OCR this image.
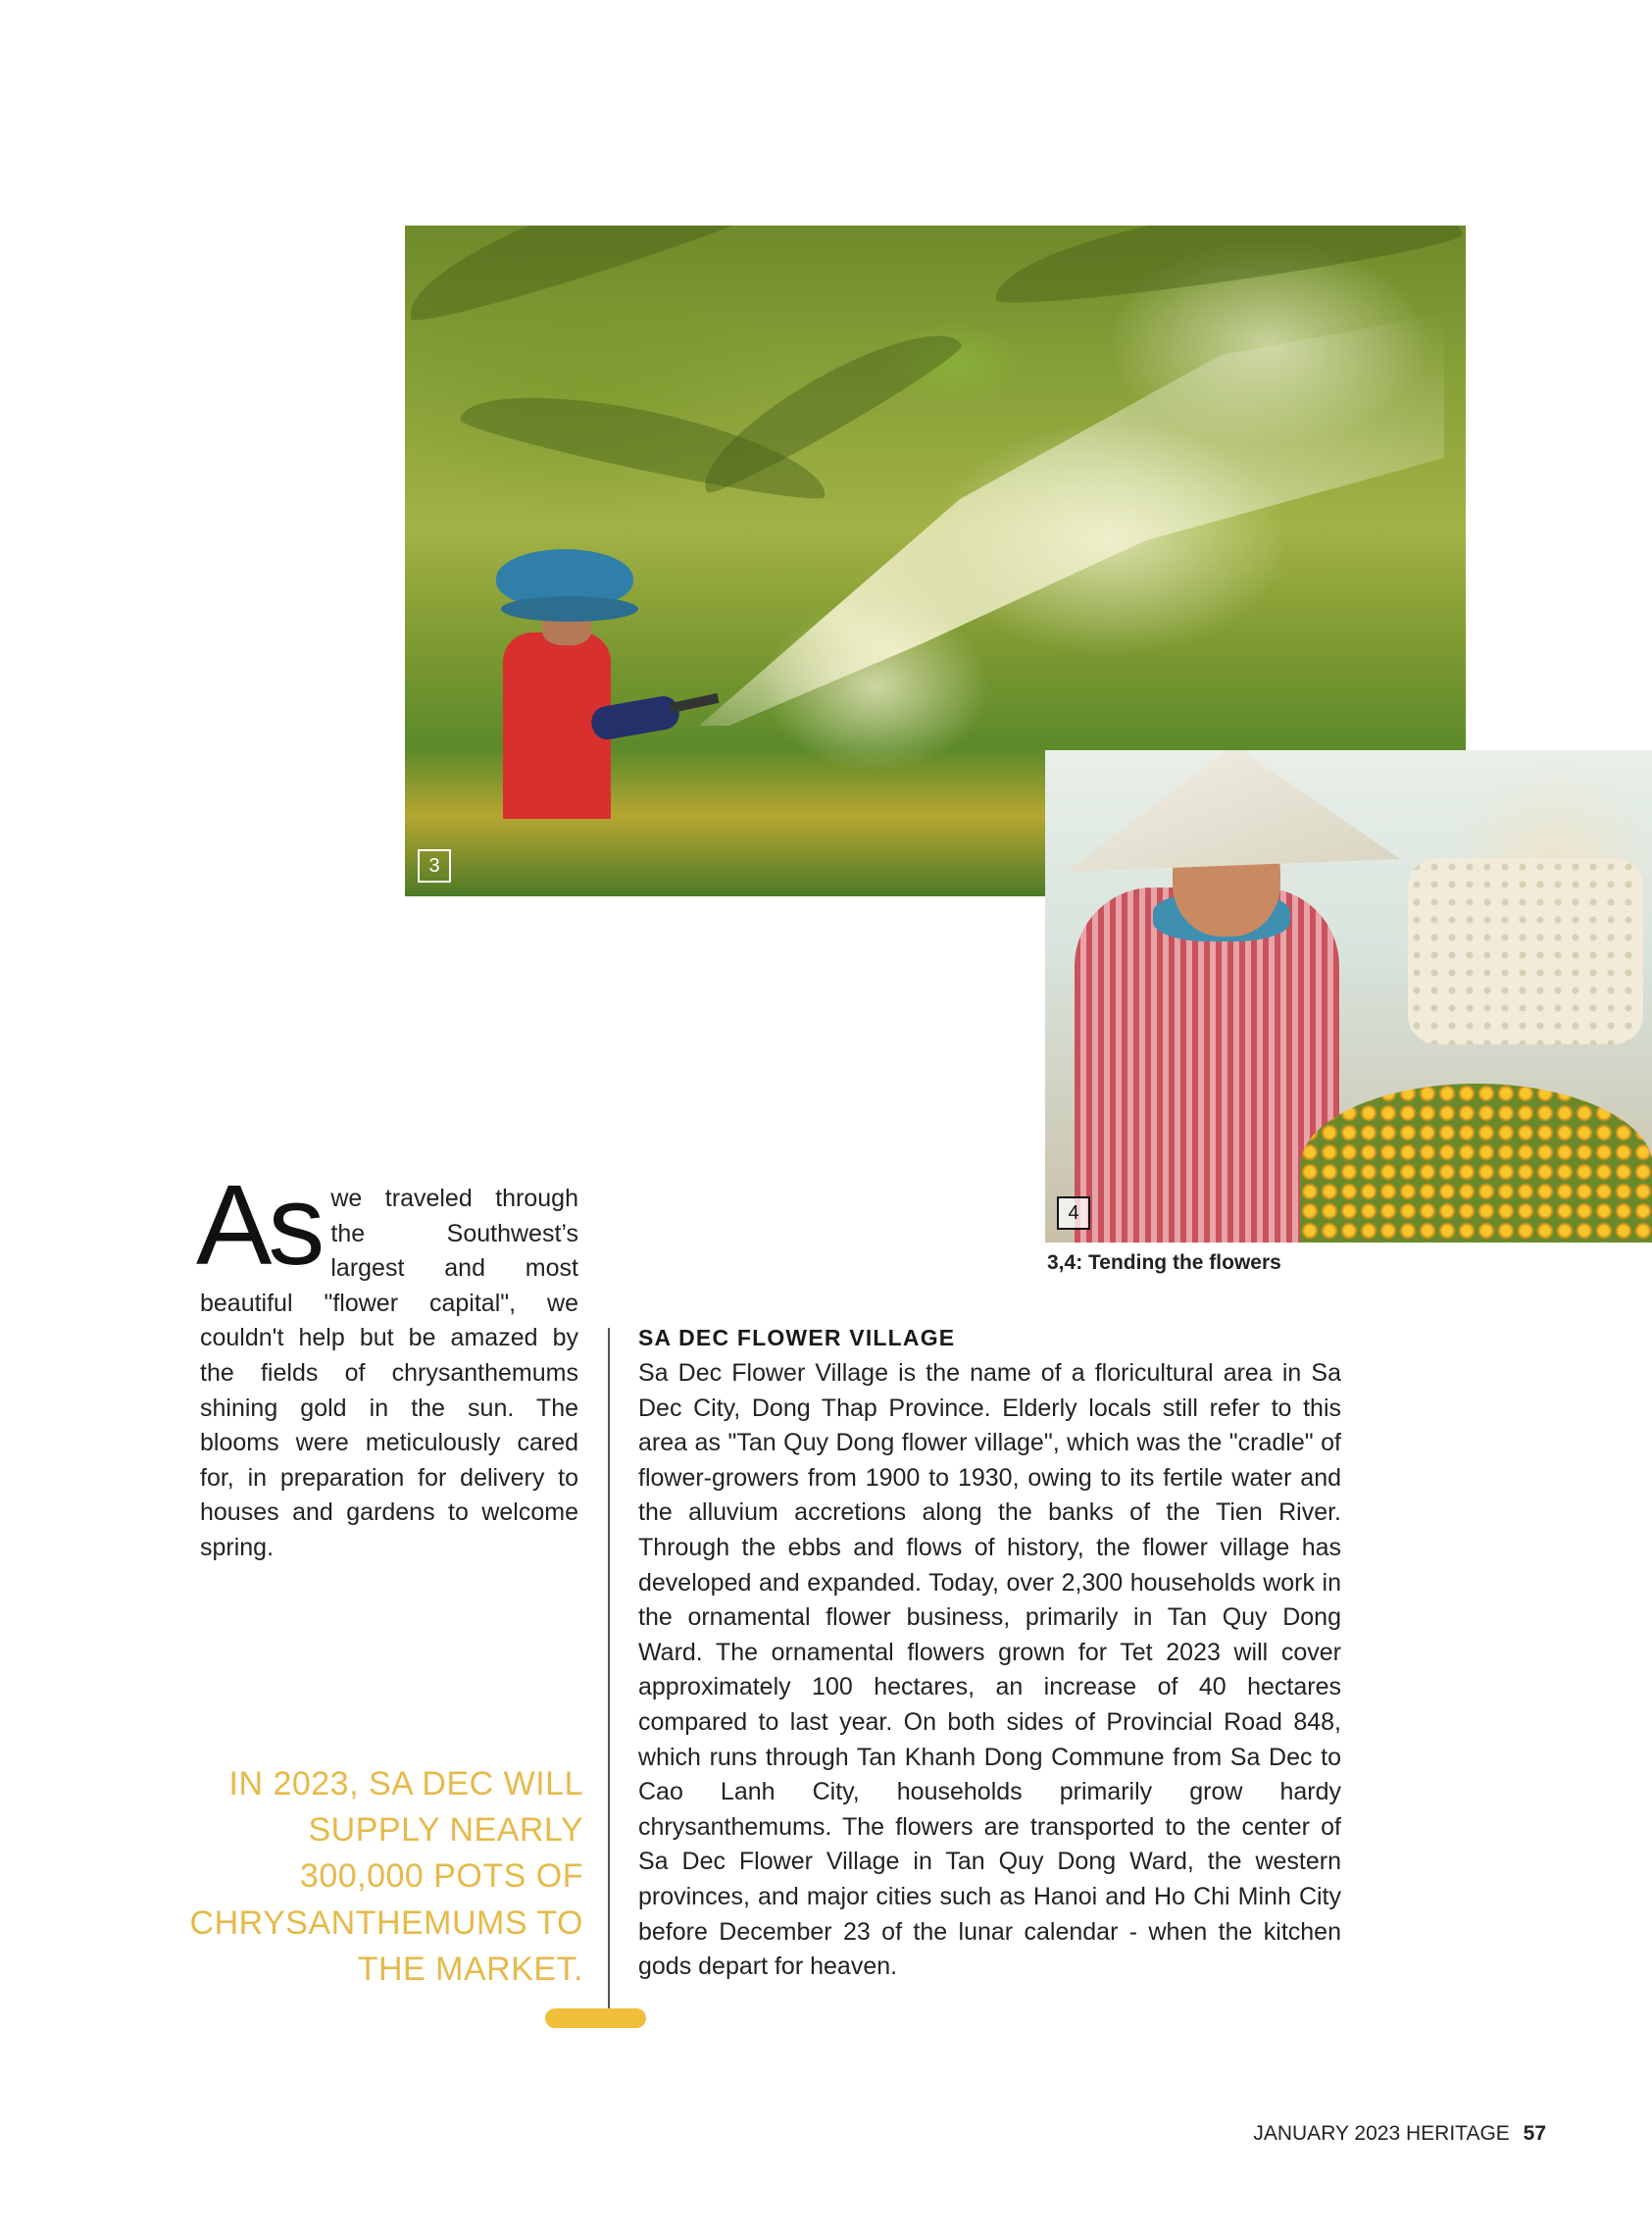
3
4
3,4: Tending the flowers
As we traveled through the Southwest’s largest and most beautiful "flower capital", we couldn't help but be amazed by the fields of chrysanthemums shining gold in the sun. The blooms were meticulously cared for, in preparation for delivery to houses and gardens to welcome spring.
IN 2023, SA DEC WILL SUPPLY NEARLY 300,000 POTS OF CHRYSANTHEMUMS TO THE MARKET.
SA DEC FLOWER VILLAGE
Sa Dec Flower Village is the name of a floricultural area in Sa Dec City, Dong Thap Province. Elderly locals still refer to this area as "Tan Quy Dong flower village", which was the "cradle" of flower-growers from 1900 to 1930, owing to its fertile water and the alluvium accretions along the banks of the Tien River. Through the ebbs and flows of history, the flower village has developed and expanded. Today, over 2,300 households work in the ornamental flower business, primarily in Tan Quy Dong Ward. The ornamental flowers grown for Tet 2023 will cover approximately 100 hectares, an increase of 40 hectares compared to last year. On both sides of Provincial Road 848, which runs through Tan Khanh Dong Commune from Sa Dec to Cao Lanh City, households primarily grow hardy chrysanthemums. The flowers are transported to the center of Sa Dec Flower Village in Tan Quy Dong Ward, the western provinces, and major cities such as Hanoi and Ho Chi Minh City before December 23 of the lunar calendar - when the kitchen gods depart for heaven.
JANUARY 2023 HERITAGE 57
